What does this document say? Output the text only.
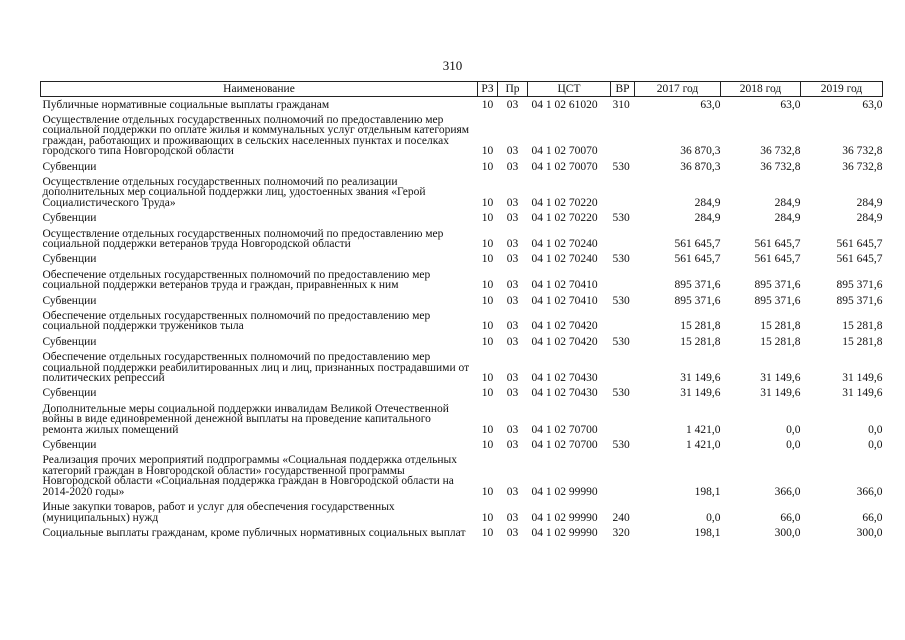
310
Наименование	РЗ	Пр	ЦСТ	ВР	2017 год	2018 год	2019 год
Публичные нормативные социальные выплаты гражданам	10	03	04 1 02 61020	310	63,0	63,0	63,0
Осуществление отдельных государственных полномочий по предоставлению мер социальной поддержки по оплате жилья и коммунальных услуг отдельным категориям граждан, работающих и проживающих в сельских населенных пунктах и поселках городского типа Новгородской области	10	03	04 1 02 70070		36 870,3	36 732,8	36 732,8
Субвенции	10	03	04 1 02 70070	530	36 870,3	36 732,8	36 732,8
Осуществление отдельных государственных полномочий по реализации дополнительных мер социальной поддержки лиц, удостоенных звания «Герой Социалистического Труда»	10	03	04 1 02 70220		284,9	284,9	284,9
Субвенции	10	03	04 1 02 70220	530	284,9	284,9	284,9
Осуществление отдельных государственных полномочий по предоставлению мер социальной поддержки ветеранов труда Новгородской области	10	03	04 1 02 70240		561 645,7	561 645,7	561 645,7
Субвенции	10	03	04 1 02 70240	530	561 645,7	561 645,7	561 645,7
Обеспечение отдельных государственных полномочий по предоставлению мер социальной поддержки ветеранов труда и граждан, приравненных к ним	10	03	04 1 02 70410		895 371,6	895 371,6	895 371,6
Субвенции	10	03	04 1 02 70410	530	895 371,6	895 371,6	895 371,6
Обеспечение отдельных государственных полномочий по предоставлению мер социальной поддержки тружеников тыла	10	03	04 1 02 70420		15 281,8	15 281,8	15 281,8
Субвенции	10	03	04 1 02 70420	530	15 281,8	15 281,8	15 281,8
Обеспечение отдельных государственных полномочий по предоставлению мер социальной поддержки реабилитированных лиц и лиц, признанных пострадавшими от политических репрессий	10	03	04 1 02 70430		31 149,6	31 149,6	31 149,6
Субвенции	10	03	04 1 02 70430	530	31 149,6	31 149,6	31 149,6
Дополнительные меры социальной поддержки инвалидам Великой Отечественной войны в виде единовременной денежной выплаты на проведение капитального ремонта жилых помещений	10	03	04 1 02 70700		1 421,0	0,0	0,0
Субвенции	10	03	04 1 02 70700	530	1 421,0	0,0	0,0
Реализация прочих мероприятий подпрограммы «Социальная поддержка отдельных категорий граждан в Новгородской области» государственной программы Новгородской области «Социальная поддержка граждан в Новгородской области на 2014-2020 годы»	10	03	04 1 02 99990		198,1	366,0	366,0
Иные закупки товаров, работ и услуг для обеспечения государственных (муниципальных) нужд	10	03	04 1 02 99990	240	0,0	66,0	66,0
Социальные выплаты гражданам, кроме публичных нормативных социальных выплат	10	03	04 1 02 99990	320	198,1	300,0	300,0
